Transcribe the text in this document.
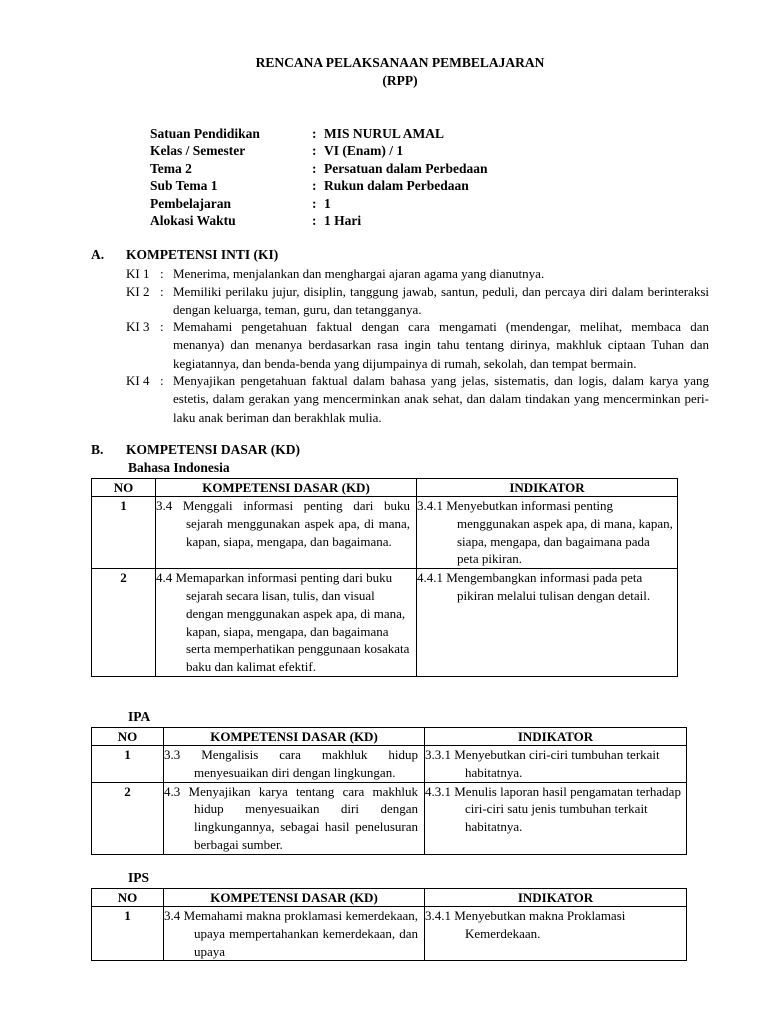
RENCANA PELAKSANAAN PEMBELAJARAN
(RPP)
Satuan Pendidikan	: MIS NURUL AMAL
Kelas / Semester	: VI (Enam) / 1
Tema 2	: Persatuan dalam Perbedaan
Sub Tema 1	: Rukun dalam Perbedaan
Pembelajaran	: 1
Alokasi Waktu	: 1 Hari
A. KOMPETENSI INTI (KI)
KI 1 : Menerima, menjalankan dan menghargai ajaran agama yang dianutnya.
KI 2 : Memiliki perilaku jujur, disiplin, tanggung jawab, santun, peduli, dan percaya diri dalam berinteraksi dengan keluarga, teman, guru, dan tetangganya.
KI 3 : Memahami pengetahuan faktual dengan cara mengamati (mendengar, melihat, membaca dan menanya) dan menanya berdasarkan rasa ingin tahu tentang dirinya, makhluk ciptaan Tuhan dan kegiatannya, dan benda-benda yang dijumpainya di rumah, sekolah, dan tempat bermain.
KI 4 : Menyajikan pengetahuan faktual dalam bahasa yang jelas, sistematis, dan logis, dalam karya yang estetis, dalam gerakan yang mencerminkan anak sehat, dan dalam tindakan yang mencerminkan peri-laku anak beriman dan berakhlak mulia.
B. KOMPETENSI DASAR (KD)
Bahasa Indonesia
NO	KOMPETENSI DASAR (KD)	INDIKATOR
1	3.4 Menggali informasi penting dari buku sejarah menggunakan aspek apa, di mana, kapan, siapa, mengapa, dan bagaimana.	3.4.1 Menyebutkan informasi penting menggunakan aspek apa, di mana, kapan, siapa, mengapa, dan bagaimana pada peta pikiran.
2	4.4 Memaparkan informasi penting dari buku sejarah secara lisan, tulis, dan visual dengan menggunakan aspek apa, di mana, kapan, siapa, mengapa, dan bagaimana serta memperhatikan penggunaan kosakata baku dan kalimat efektif.	4.4.1 Mengembangkan informasi pada peta pikiran melalui tulisan dengan detail.
IPA
NO	KOMPETENSI DASAR (KD)	INDIKATOR
1	3.3 Mengalisis cara makhluk hidup menyesuaikan diri dengan lingkungan.	3.3.1 Menyebutkan ciri-ciri tumbuhan terkait habitatnya.
2	4.3 Menyajikan karya tentang cara makhluk hidup menyesuaikan diri dengan lingkungannya, sebagai hasil penelusuran berbagai sumber.	4.3.1 Menulis laporan hasil pengamatan terhadap ciri-ciri satu jenis tumbuhan terkait habitatnya.
IPS
NO	KOMPETENSI DASAR (KD)	INDIKATOR
1	3.4 Memahami makna proklamasi kemerdekaan, upaya mempertahankan kemerdekaan, dan upaya	3.4.1 Menyebutkan makna Proklamasi Kemerdekaan.
